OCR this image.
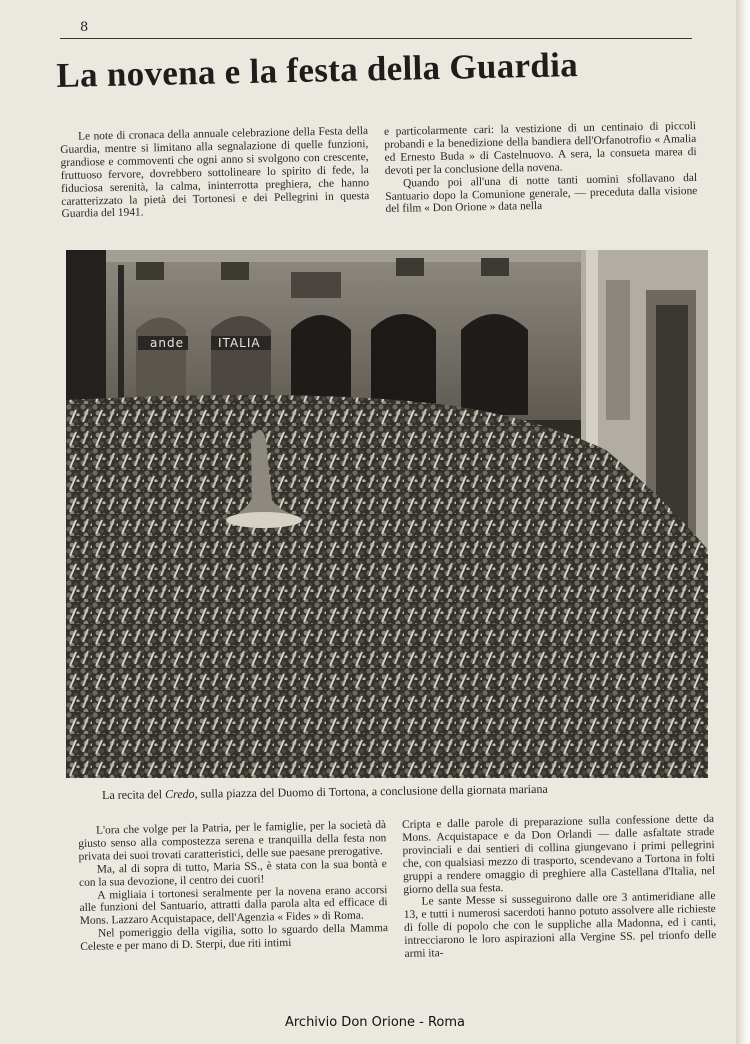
8
La novena e la festa della Guardia

Le note di cronaca della annuale celebrazione della Festa della Guardia, mentre si limitano alla segnalazione di quelle funzioni, grandiose e commoventi che ogni anno si svolgono con crescente, fruttuoso fervore, dovrebbero sottolineare lo spirito di fede, la fiduciosa serenità, la calma, ininterrotta preghiera, che hanno caratterizzato la pietà dei Tortonesi e dei Pellegrini in questa Guardia del 1941.

e particolarmente cari: la vestizione di un centinaio di piccoli probandi e la benedizione della bandiera dell'Orfanotrofio « Amalia ed Ernesto Buda » di Castelnuovo. A sera, la consueta marea di devoti per la conclusione della novena.

Quando poi all'una di notte tanti uomini sfollavano dal Santuario dopo la Comunione generale, — preceduta dalla visione del film « Don Orione » data nella

ande	ITALIA
La recita del Credo, sulla piazza del Duomo di Tortona, a conclusione della giornata mariana

L'ora che volge per la Patria, per le famiglie, per la società dà giusto senso alla compostezza serena e tranquilla della festa non privata dei suoi trovati caratteristici, delle sue paesane prerogative.

Ma, al di sopra di tutto, Maria SS., è stata con la sua bontà e con la sua devozione, il centro dei cuori!

A migliaia i tortonesi seralmente per la novena erano accorsi alle funzioni del Santuario, attratti dalla parola alta ed efficace di Mons. Lazzaro Acquistapace, dell'Agenzia « Fides » di Roma.

Nel pomeriggio della vigilia, sotto lo sguardo della Mamma Celeste e per mano di D. Sterpi, due riti intimi

Cripta e dalle parole di preparazione sulla confessione dette da Mons. Acquistapace e da Don Orlandi — dalle asfaltate strade provinciali e dai sentieri di collina giungevano i primi pellegrini che, con qualsiasi mezzo di trasporto, scendevano a Tortona in folti gruppi a rendere omaggio di preghiere alla Castellana d'Italia, nel giorno della sua festa.

Le sante Messe si susseguirono dalle ore 3 antimeridiane alle 13, e tutti i numerosi sacerdoti hanno potuto assolvere alle richieste di folle di popolo che con le suppliche alla Madonna, ed i canti, intrecciarono le loro aspirazioni alla Vergine SS. pel trionfo delle armi ita-

Archivio Don Orione - Roma
